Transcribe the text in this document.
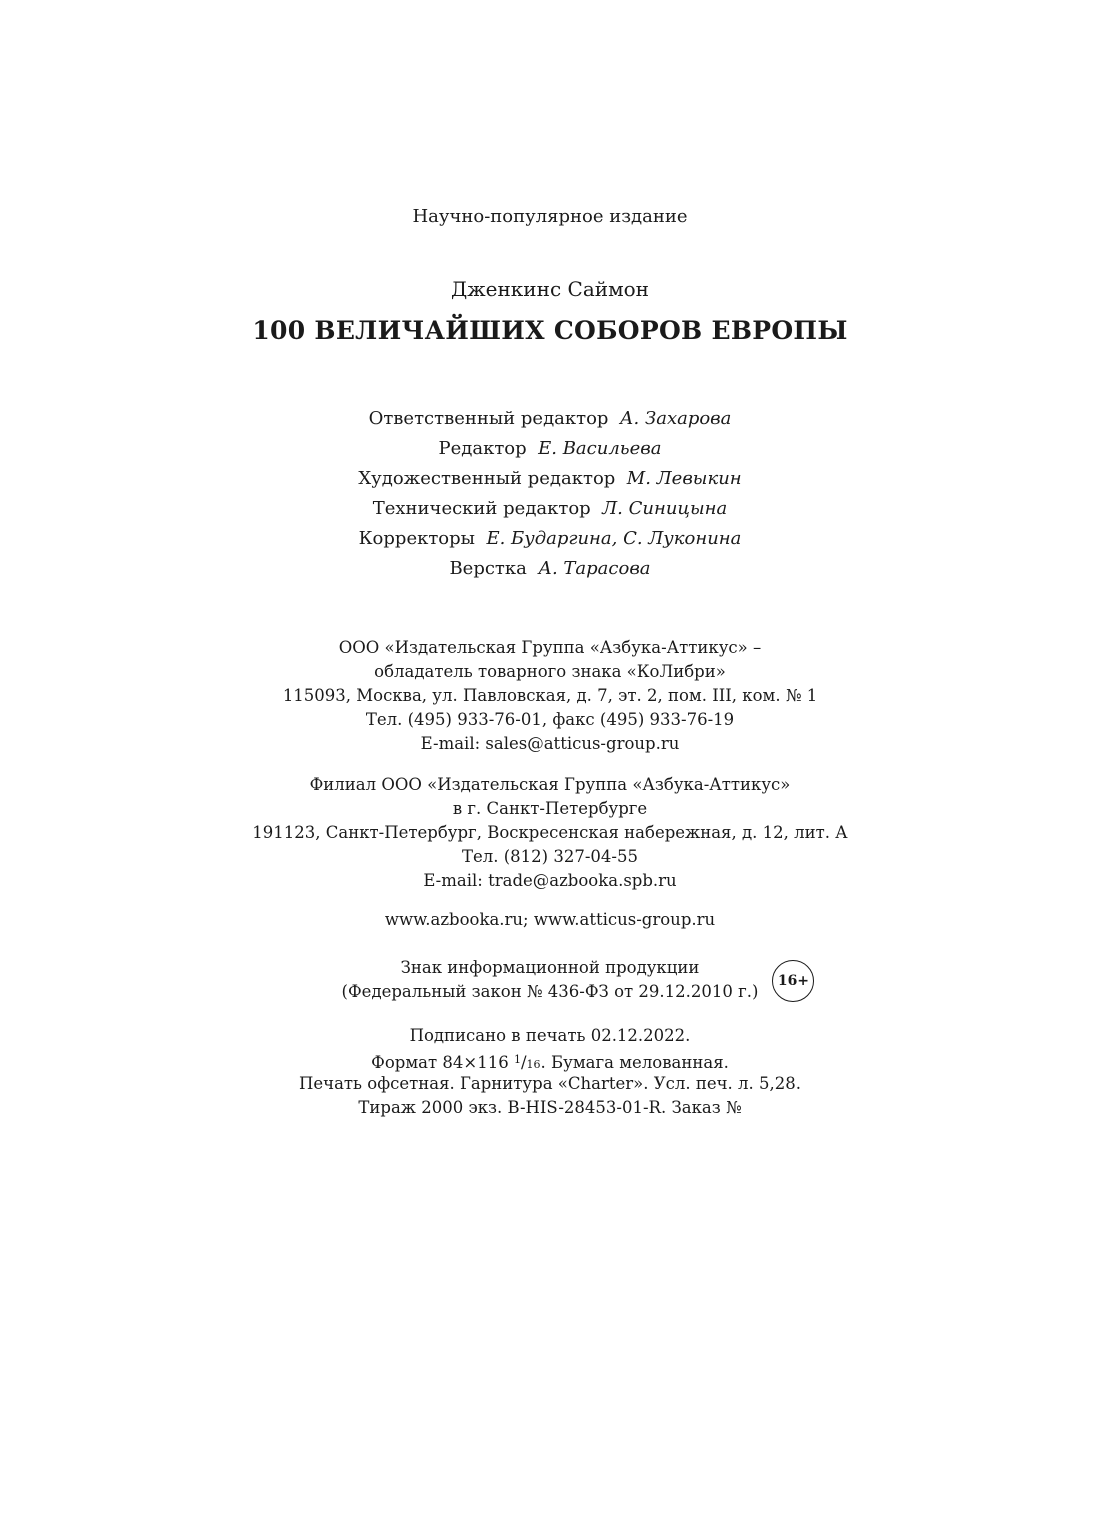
Научно-популярное издание
Дженкинс Саймон
100 ВЕЛИЧАЙШИХ СОБОРОВ ЕВРОПЫ
Ответственный редактор А. Захарова
Редактор Е. Васильева
Художественный редактор М. Левыкин
Технический редактор Л. Синицына
Корректоры Е. Бударгина, С. Луконина
Верстка А. Тарасова
ООО «Издательская Группа «Азбука-Аттикус» –
обладатель товарного знака «КоЛибри»
115093, Москва, ул. Павловская, д. 7, эт. 2, пом. III, ком. № 1
Тел. (495) 933-76-01, факс (495) 933-76-19
E-mail: sales@atticus-group.ru
Филиал ООО «Издательская Группа «Азбука-Аттикус»
в г. Санкт-Петербурге
191123, Санкт-Петербург, Воскресенская набережная, д. 12, лит. А
Тел. (812) 327-04-55
E-mail: trade@azbooka.spb.ru
www.azbooka.ru; www.atticus-group.ru
Знак информационной продукции
(Федеральный закон № 436-ФЗ от 29.12.2010 г.)
16+
Подписано в печать 02.12.2022.
Формат 84×116 $^1$/16. Бумага мелованная.
Печать офсетная. Гарнитура «Charter». Усл. печ. л. 5,28.
Тираж 2000 экз. B-HIS-28453-01-R. Заказ №
